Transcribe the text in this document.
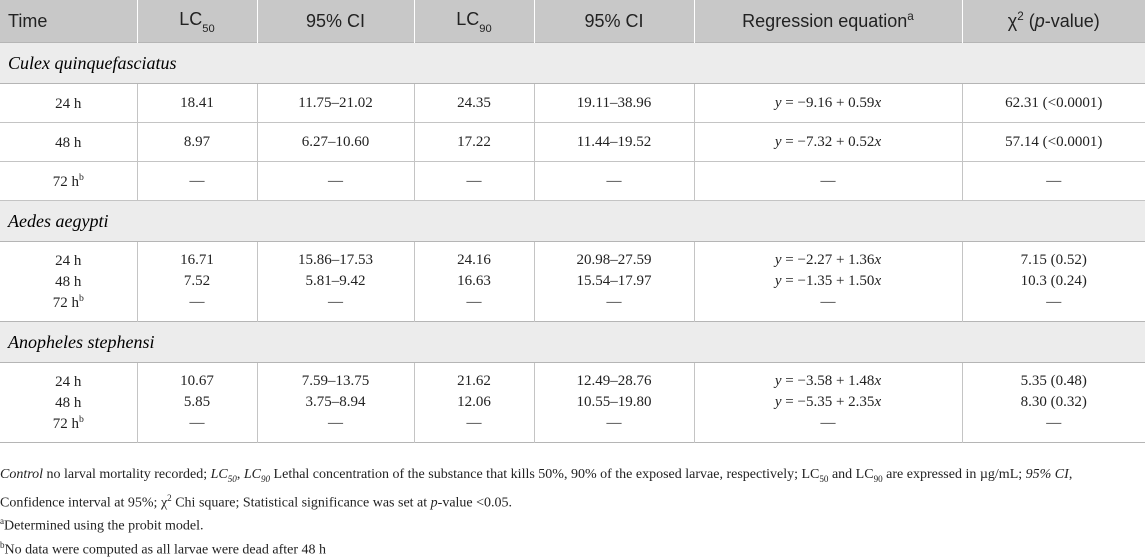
Time	$LC_{50}$	95% CI	$LC_{90}$	95% CI	Regression equation$^a$	$\chi^2$ (p-value)
Culex quinquefasciatus						
24 h	18.41	11.75–21.02	24.35	19.11–38.96	y = −9.16 + 0.59x	62.31 (<0.0001)
48 h	8.97	6.27–10.60	17.22	11.44–19.52	y = −7.32 + 0.52x	57.14 (<0.0001)
72 $h^b$	—	—	—	—	—	—
Aedes aegypti						
24 h	16.71	15.86–17.53	24.16	20.98–27.59	y = −2.27 + 1.36x	7.15 (0.52)
48 h	7.52	5.81–9.42	16.63	15.54–17.97	y = −1.35 + 1.50x	10.3 (0.24)
72 $h^b$	—	—	—	—	—	—
Anopheles stephensi						
24 h	10.67	7.59–13.75	21.62	12.49–28.76	y = −3.58 + 1.48x	5.35 (0.48)
48 h	5.85	3.75–8.94	12.06	10.55–19.80	y = −5.35 + 2.35x	8.30 (0.32)
72 $h^b$	—	—	—	—	—	—

Control no larval mortality recorded; $LC_{50}$, $LC_{90}$ Lethal concentration of the substance that kills 50%, 90% of the exposed larvae, respectively; $LC_{50}$ and $LC_{90}$ are expressed in µg/mL; 95% CI, Confidence interval at 95%; $\chi^2$ Chi square; Statistical significance was set at p-value <0.05.

$^a$Determined using the probit model.

$^b$No data were computed as all larvae were dead after 48 h
